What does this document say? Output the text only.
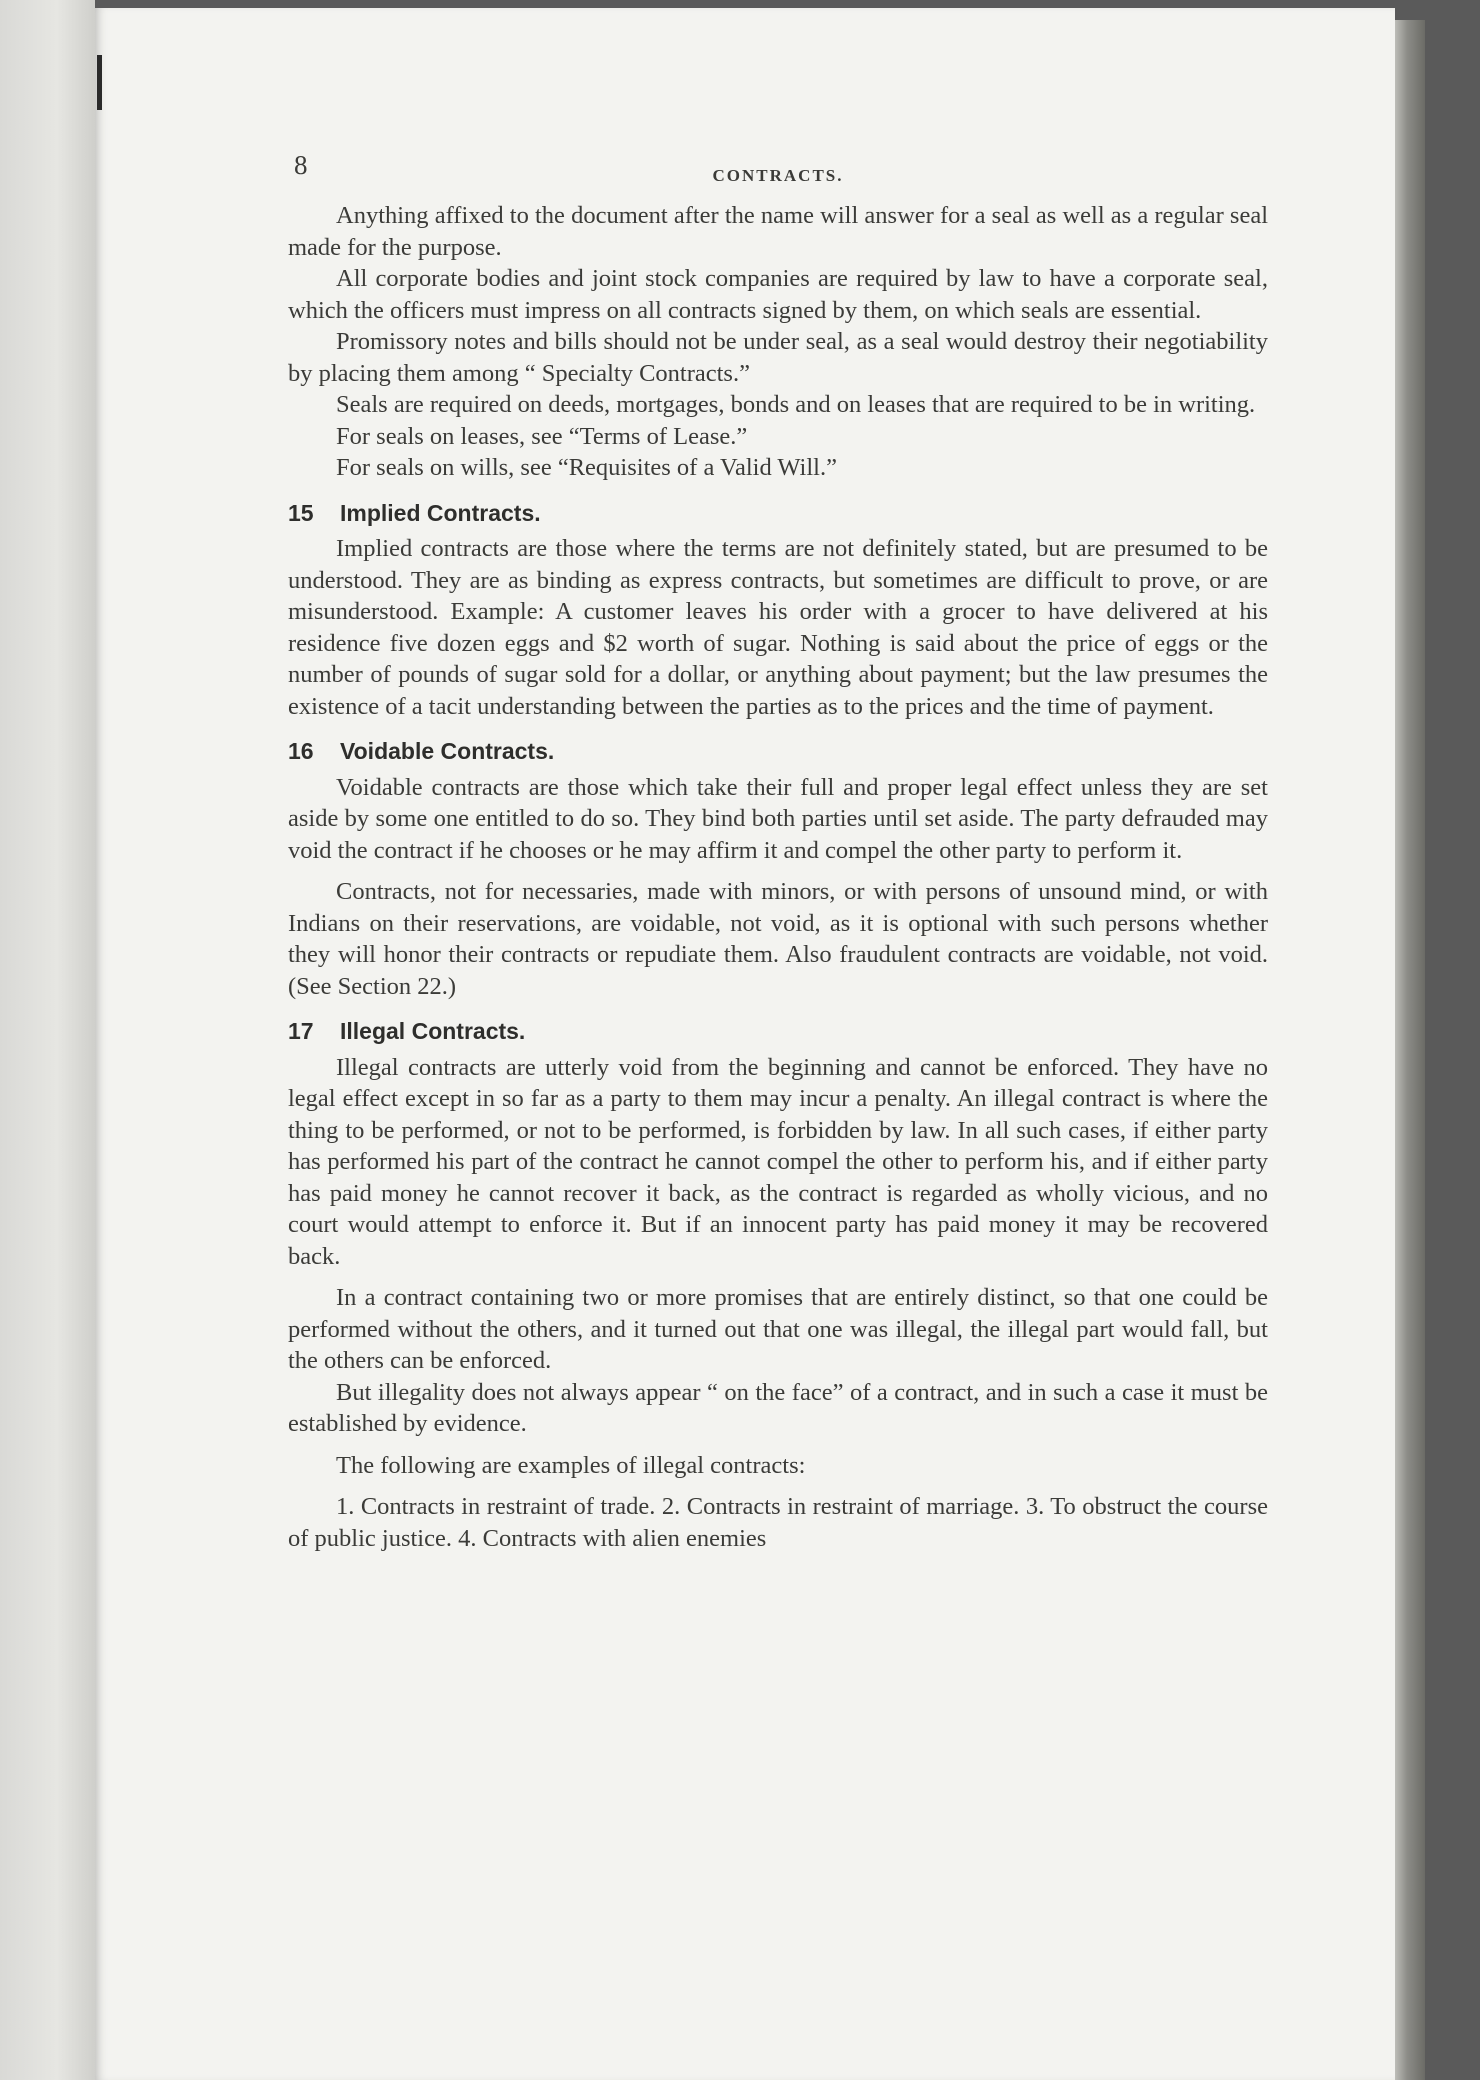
8	CONTRACTS.

Anything affixed to the document after the name will answer for a seal as well as a regular seal made for the purpose.

All corporate bodies and joint stock companies are required by law to have a corporate seal, which the officers must impress on all contracts signed by them, on which seals are essential.

Promissory notes and bills should not be under seal, as a seal would destroy their negotiability by placing them among “ Specialty Contracts.”

Seals are required on deeds, mortgages, bonds and on leases that are required to be in writing.

For seals on leases, see “Terms of Lease.”

For seals on wills, see “Requisites of a Valid Will.”

15 Implied Contracts.

Implied contracts are those where the terms are not definitely stated, but are presumed to be understood. They are as binding as express contracts, but sometimes are difficult to prove, or are misunderstood. Example: A customer leaves his order with a grocer to have delivered at his residence five dozen eggs and $2 worth of sugar. Nothing is said about the price of eggs or the number of pounds of sugar sold for a dollar, or anything about payment; but the law presumes the existence of a tacit understanding between the parties as to the prices and the time of payment.

16 Voidable Contracts.

Voidable contracts are those which take their full and proper legal effect unless they are set aside by some one entitled to do so. They bind both parties until set aside. The party defrauded may void the contract if he chooses or he may affirm it and compel the other party to perform it.

Contracts, not for necessaries, made with minors, or with persons of unsound mind, or with Indians on their reservations, are voidable, not void, as it is optional with such persons whether they will honor their contracts or repudiate them. Also fraudulent contracts are voidable, not void. (See Section 22.)

17 Illegal Contracts.

Illegal contracts are utterly void from the beginning and cannot be enforced. They have no legal effect except in so far as a party to them may incur a penalty. An illegal contract is where the thing to be performed, or not to be performed, is forbidden by law. In all such cases, if either party has performed his part of the contract he cannot compel the other to perform his, and if either party has paid money he cannot recover it back, as the contract is regarded as wholly vicious, and no court would attempt to enforce it. But if an innocent party has paid money it may be recovered back.

In a contract containing two or more promises that are entirely distinct, so that one could be performed without the others, and it turned out that one was illegal, the illegal part would fall, but the others can be enforced.

But illegality does not always appear “ on the face” of a contract, and in such a case it must be established by evidence.

The following are examples of illegal contracts:

1. Contracts in restraint of trade. 2. Contracts in restraint of marriage. 3. To obstruct the course of public justice. 4. Contracts with alien enemies
